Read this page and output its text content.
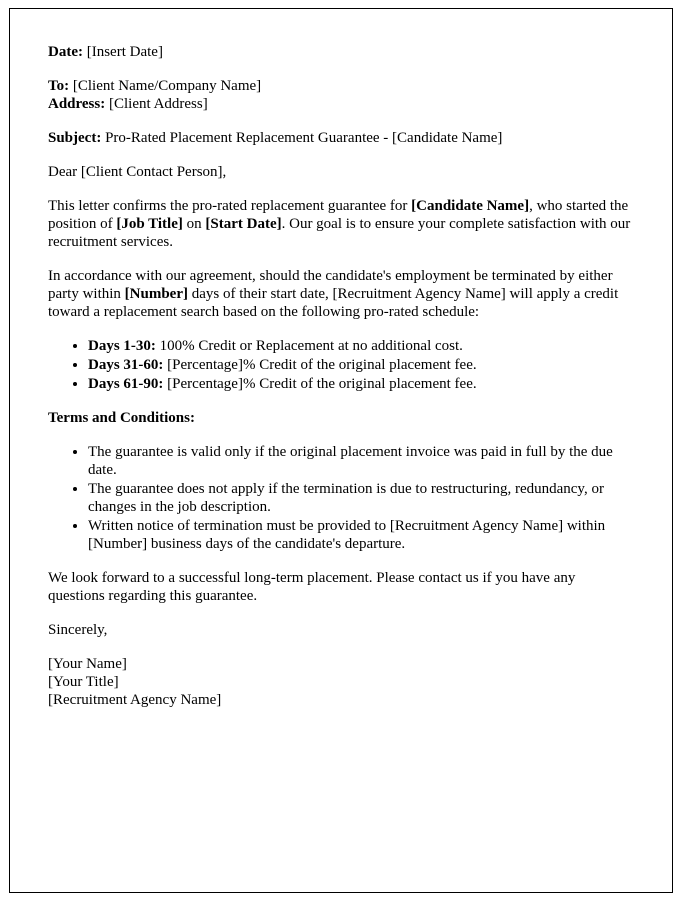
Date: [Insert Date]

To: [Client Name/Company Name]

Address: [Client Address]

Subject: Pro-Rated Placement Replacement Guarantee - [Candidate Name]

Dear [Client Contact Person],

This letter confirms the pro-rated replacement guarantee for [Candidate Name], who started the position of [Job Title] on [Start Date]. Our goal is to ensure your complete satisfaction with our recruitment services.

In accordance with our agreement, should the candidate's employment be terminated by either party within [Number] days of their start date, [Recruitment Agency Name] will apply a credit toward a replacement search based on the following pro-rated schedule:

• Days 1-30: 100% Credit or Replacement at no additional cost.
• Days 31-60: [Percentage]% Credit of the original placement fee.
• Days 61-90: [Percentage]% Credit of the original placement fee.

Terms and Conditions:

• The guarantee is valid only if the original placement invoice was paid in full by the due date.
• The guarantee does not apply if the termination is due to restructuring, redundancy, or changes in the job description.
• Written notice of termination must be provided to [Recruitment Agency Name] within [Number] business days of the candidate's departure.

We look forward to a successful long-term placement. Please contact us if you have any questions regarding this guarantee.

Sincerely,

[Your Name]
[Your Title]
[Recruitment Agency Name]
